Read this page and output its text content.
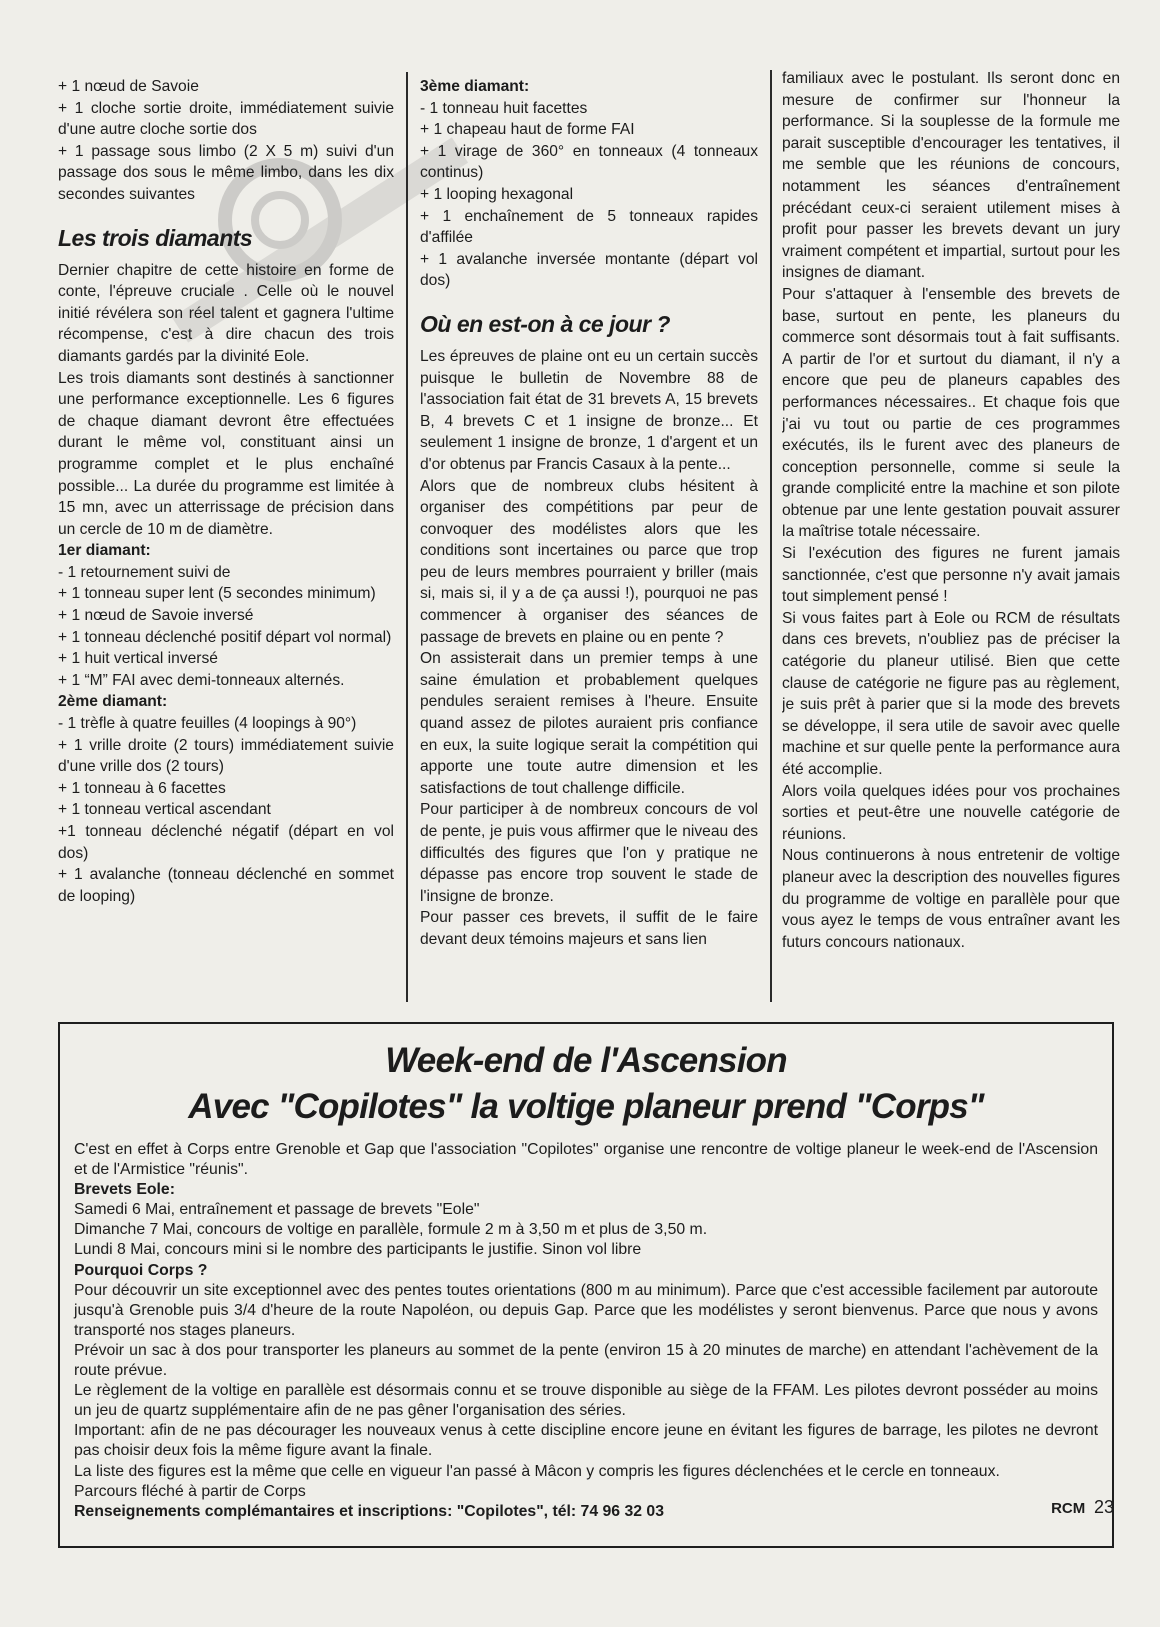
+ 1 nœud de Savoie
+ 1 cloche sortie droite, immédiatement suivie d'une autre cloche sortie dos
+ 1 passage sous limbo (2 X 5 m) suivi d'un passage dos sous le même limbo, dans les dix secondes suivantes
Les trois diamants

Dernier chapitre de cette histoire en forme de conte, l'épreuve cruciale . Celle où le nouvel initié révélera son réel talent et gagnera l'ultime récompense, c'est à dire chacun des trois diamants gardés par la divinité Eole.

Les trois diamants sont destinés à sanctionner une performance exceptionnelle. Les 6 figures de chaque diamant devront être effectuées durant le même vol, constituant ainsi un programme complet et le plus enchaîné possible... La durée du programme est limitée à 15 mn, avec un atterrissage de précision dans un cercle de 10 m de diamètre.

1er diamant:

- 1 retournement suivi de
+ 1 tonneau super lent (5 secondes minimum)
+ 1 nœud de Savoie inversé
+ 1 tonneau déclenché positif départ vol normal)
+ 1 huit vertical inversé
+ 1 “M” FAI avec demi-tonneaux alternés.

2ème diamant:

- 1 trèfle à quatre feuilles (4 loopings à 90°)
+ 1 vrille droite (2 tours) immédiatement suivie d'une vrille dos (2 tours)
+ 1 tonneau à 6 facettes
+ 1 tonneau vertical ascendant
+1 tonneau déclenché négatif (départ en vol dos)
+ 1 avalanche (tonneau déclenché en sommet de looping)

3ème diamant:

- 1 tonneau huit facettes
+ 1 chapeau haut de forme FAI
+ 1 virage de 360° en tonneaux (4 tonneaux continus)
+ 1 looping hexagonal
+ 1 enchaînement de 5 tonneaux rapides d'affilée
+ 1 avalanche inversée montante (départ vol dos)
Où en est-on à ce jour ?

Les épreuves de plaine ont eu un certain succès puisque le bulletin de Novembre 88 de l'association fait état de 31 brevets A, 15 brevets B, 4 brevets C et 1 insigne de bronze... Et seulement 1 insigne de bronze, 1 d'argent et un d'or obtenus par Francis Casaux à la pente...

Alors que de nombreux clubs hésitent à organiser des compétitions par peur de convoquer des modélistes alors que les conditions sont incertaines ou parce que trop peu de leurs membres pourraient y briller (mais si, mais si, il y a de ça aussi !), pourquoi ne pas commencer à organiser des séances de passage de brevets en plaine ou en pente ?

On assisterait dans un premier temps à une saine émulation et probablement quelques pendules seraient remises à l'heure. Ensuite quand assez de pilotes auraient pris confiance en eux, la suite logique serait la compétition qui apporte une toute autre dimension et les satisfactions de tout challenge difficile.

Pour participer à de nombreux concours de vol de pente, je puis vous affirmer que le niveau des difficultés des figures que l'on y pratique ne dépasse pas encore trop souvent le stade de l'insigne de bronze.

Pour passer ces brevets, il suffit de le faire devant deux témoins majeurs et sans lien

familiaux avec le postulant. Ils seront donc en mesure de confirmer sur l'honneur la performance. Si la souplesse de la formule me parait susceptible d'encourager les tentatives, il me semble que les réunions de concours, notamment les séances d'entraînement précédant ceux-ci seraient utilement mises à profit pour passer les brevets devant un jury vraiment compétent et impartial, surtout pour les insignes de diamant.

Pour s'attaquer à l'ensemble des brevets de base, surtout en pente, les planeurs du commerce sont désormais tout à fait suffisants. A partir de l'or et surtout du diamant, il n'y a encore que peu de planeurs capables des performances nécessaires.. Et chaque fois que j'ai vu tout ou partie de ces programmes exécutés, ils le furent avec des planeurs de conception personnelle, comme si seule la grande complicité entre la machine et son pilote obtenue par une lente gestation pouvait assurer la maîtrise totale nécessaire.

Si l'exécution des figures ne furent jamais sanctionnée, c'est que personne n'y avait jamais tout simplement pensé !

Si vous faites part à Eole ou RCM de résultats dans ces brevets, n'oubliez pas de préciser la catégorie du planeur utilisé. Bien que cette clause de catégorie ne figure pas au règlement, je suis prêt à parier que si la mode des brevets se développe, il sera utile de savoir avec quelle machine et sur quelle pente la performance aura été accomplie.

Alors voila quelques idées pour vos prochaines sorties et peut-être une nouvelle catégorie de réunions.

Nous continuerons à nous entretenir de voltige planeur avec la description des nouvelles figures du programme de voltige en parallèle pour que vous ayez le temps de vous entraîner avant les futurs concours nationaux.

Week-end de l'Ascension
Avec "Copilotes" la voltige planeur prend "Corps"

C'est en effet à Corps entre Grenoble et Gap que l'association "Copilotes" organise une rencontre de voltige planeur le week-end de l'Ascension et de l'Armistice "réunis".

Brevets Eole:

Samedi 6 Mai, entraînement et passage de brevets "Eole"

Dimanche 7 Mai, concours de voltige en parallèle, formule 2 m à 3,50 m et plus de 3,50 m.

Lundi 8 Mai, concours mini si le nombre des participants le justifie. Sinon vol libre

Pourquoi Corps ?

Pour découvrir un site exceptionnel avec des pentes toutes orientations (800 m au minimum). Parce que c'est accessible facilement par autoroute jusqu'à Grenoble puis 3/4 d'heure de la route Napoléon, ou depuis Gap. Parce que les modélistes y seront bienvenus. Parce que nous y avons transporté nos stages planeurs.

Prévoir un sac à dos pour transporter les planeurs au sommet de la pente (environ 15 à 20 minutes de marche) en attendant l'achèvement de la route prévue.

Le règlement de la voltige en parallèle est désormais connu et se trouve disponible au siège de la FFAM. Les pilotes devront posséder au moins un jeu de quartz supplémentaire afin de ne pas gêner l'organisation des séries.

Important: afin de ne pas décourager les nouveaux venus à cette discipline encore jeune en évitant les figures de barrage, les pilotes ne devront pas choisir deux fois la même figure avant la finale.

La liste des figures est la même que celle en vigueur l'an passé à Mâcon y compris les figures déclenchées et le cercle en tonneaux.

Parcours fléché à partir de Corps

Renseignements complémantaires et inscriptions: "Copilotes", tél: 74 96 32 03	RCM 23
